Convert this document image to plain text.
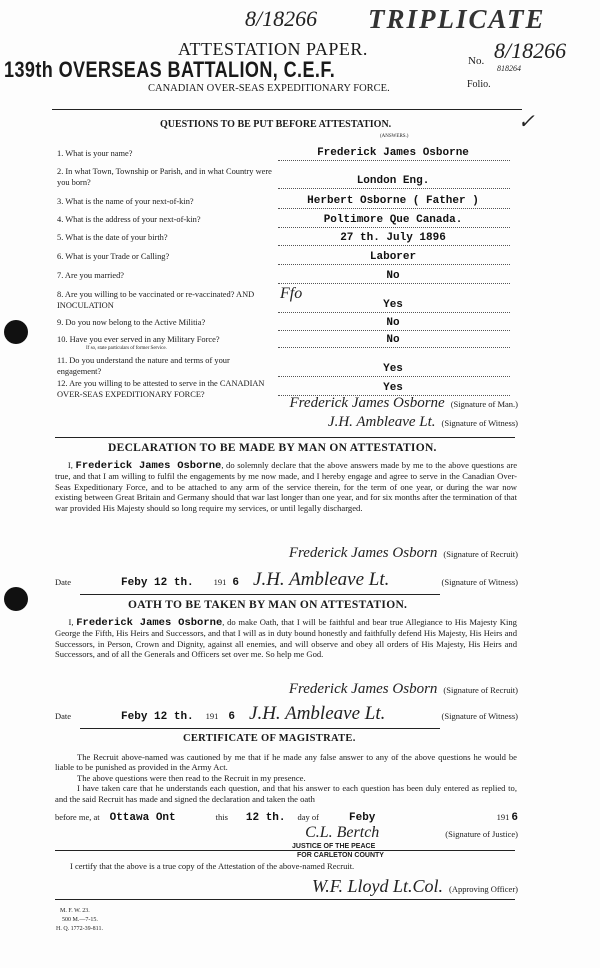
8/18266 TRIPLICATE
ATTESTATION PAPER.
139th OVERSEAS BATTALION, C.E.F.
CANADIAN OVER-SEAS EXPEDITIONARY FORCE.
No. 8/18266
818264
Folio.
QUESTIONS TO BE PUT BEFORE ATTESTATION.	✓
(ANSWERS.)
1. What is your name?	Frederick James Osborne
2. In what Town, Township or Parish, and in what Country were you born?	London Eng.
3. What is the name of your next-of-kin?	Herbert Osborne ( Father )
4. What is the address of your next-of-kin?	Poltimore Que Canada.
5. What is the date of your birth?	27 th. July 1896
6. What is your Trade or Calling?	Laborer
7. Are you married?	No
8. Are you willing to be vaccinated or re-vaccinated? AND INOCULATION	Yes
9. Do you now belong to the Active Militia?	No
10. Have you ever served in any Military Force?	No
11. Do you understand the nature and terms of your engagement?	Yes
12. Are you willing to be attested to serve in the CANADIAN OVER-SEAS EXPEDITIONARY FORCE?
Yes
If so, state particulars of former Service.
Ffo
Frederick James Osborne (Signature of Man.)
J.H. Ambleave Lt. (Signature of Witness)
DECLARATION TO BE MADE BY MAN ON ATTESTATION.
I, Frederick James Osborne, do solemnly declare that the above answers made by me to the above questions are true, and that I am willing to fulfil the engagements by me now made, and I hereby engage and agree to serve in the Canadian Over-Seas Expeditionary Force, and to be attached to any arm of the service therein, for the term of one year, or during the war now existing between Great Britain and Germany should that war last longer than one year, and for six months after the termination of that war provided His Majesty should so long require my services, or until legally discharged.
Frederick James Osborn (Signature of Recruit)
Date	Feby 12 th. 191 6 J.H. Ambleave Lt.	(Signature of Witness)
OATH TO BE TAKEN BY MAN ON ATTESTATION.
I, Frederick James Osborne, do make Oath, that I will be faithful and bear true Allegiance to His Majesty King George the Fifth, His Heirs and Successors, and that I will as in duty bound honestly and faithfully defend His Majesty, His Heirs and Successors, in Person, Crown and Dignity, against all enemies, and will observe and obey all orders of His Majesty, His Heirs and Successors, and of all the Generals and Officers set over me. So help me God.
Frederick James Osborn (Signature of Recruit)
Date	Feby 12 th. 191 6 J.H. Ambleave Lt.	(Signature of Witness)
CERTIFICATE OF MAGISTRATE.
The Recruit above-named was cautioned by me that if he made any false answer to any of the above questions he would be liable to be punished as provided in the Army Act.
The above questions were then read to the Recruit in my presence.
I have taken care that he understands each question, and that his answer to each question has been duly entered as replied to, and the said Recruit has made and signed the declaration and taken the oath
before me, at Ottawa Ont	this 12 th. day of	Feby	191 6
C.L. Bertch	(Signature of Justice)
JUSTICE OF THE PEACE
FOR CARLETON COUNTY
I certify that the above is a true copy of the Attestation of the above-named Recruit.
W.F. Lloyd Lt.Col. (Approving Officer)
M. F. W. 23.
500 M.—7-15.
H. Q. 1772-39-811.
